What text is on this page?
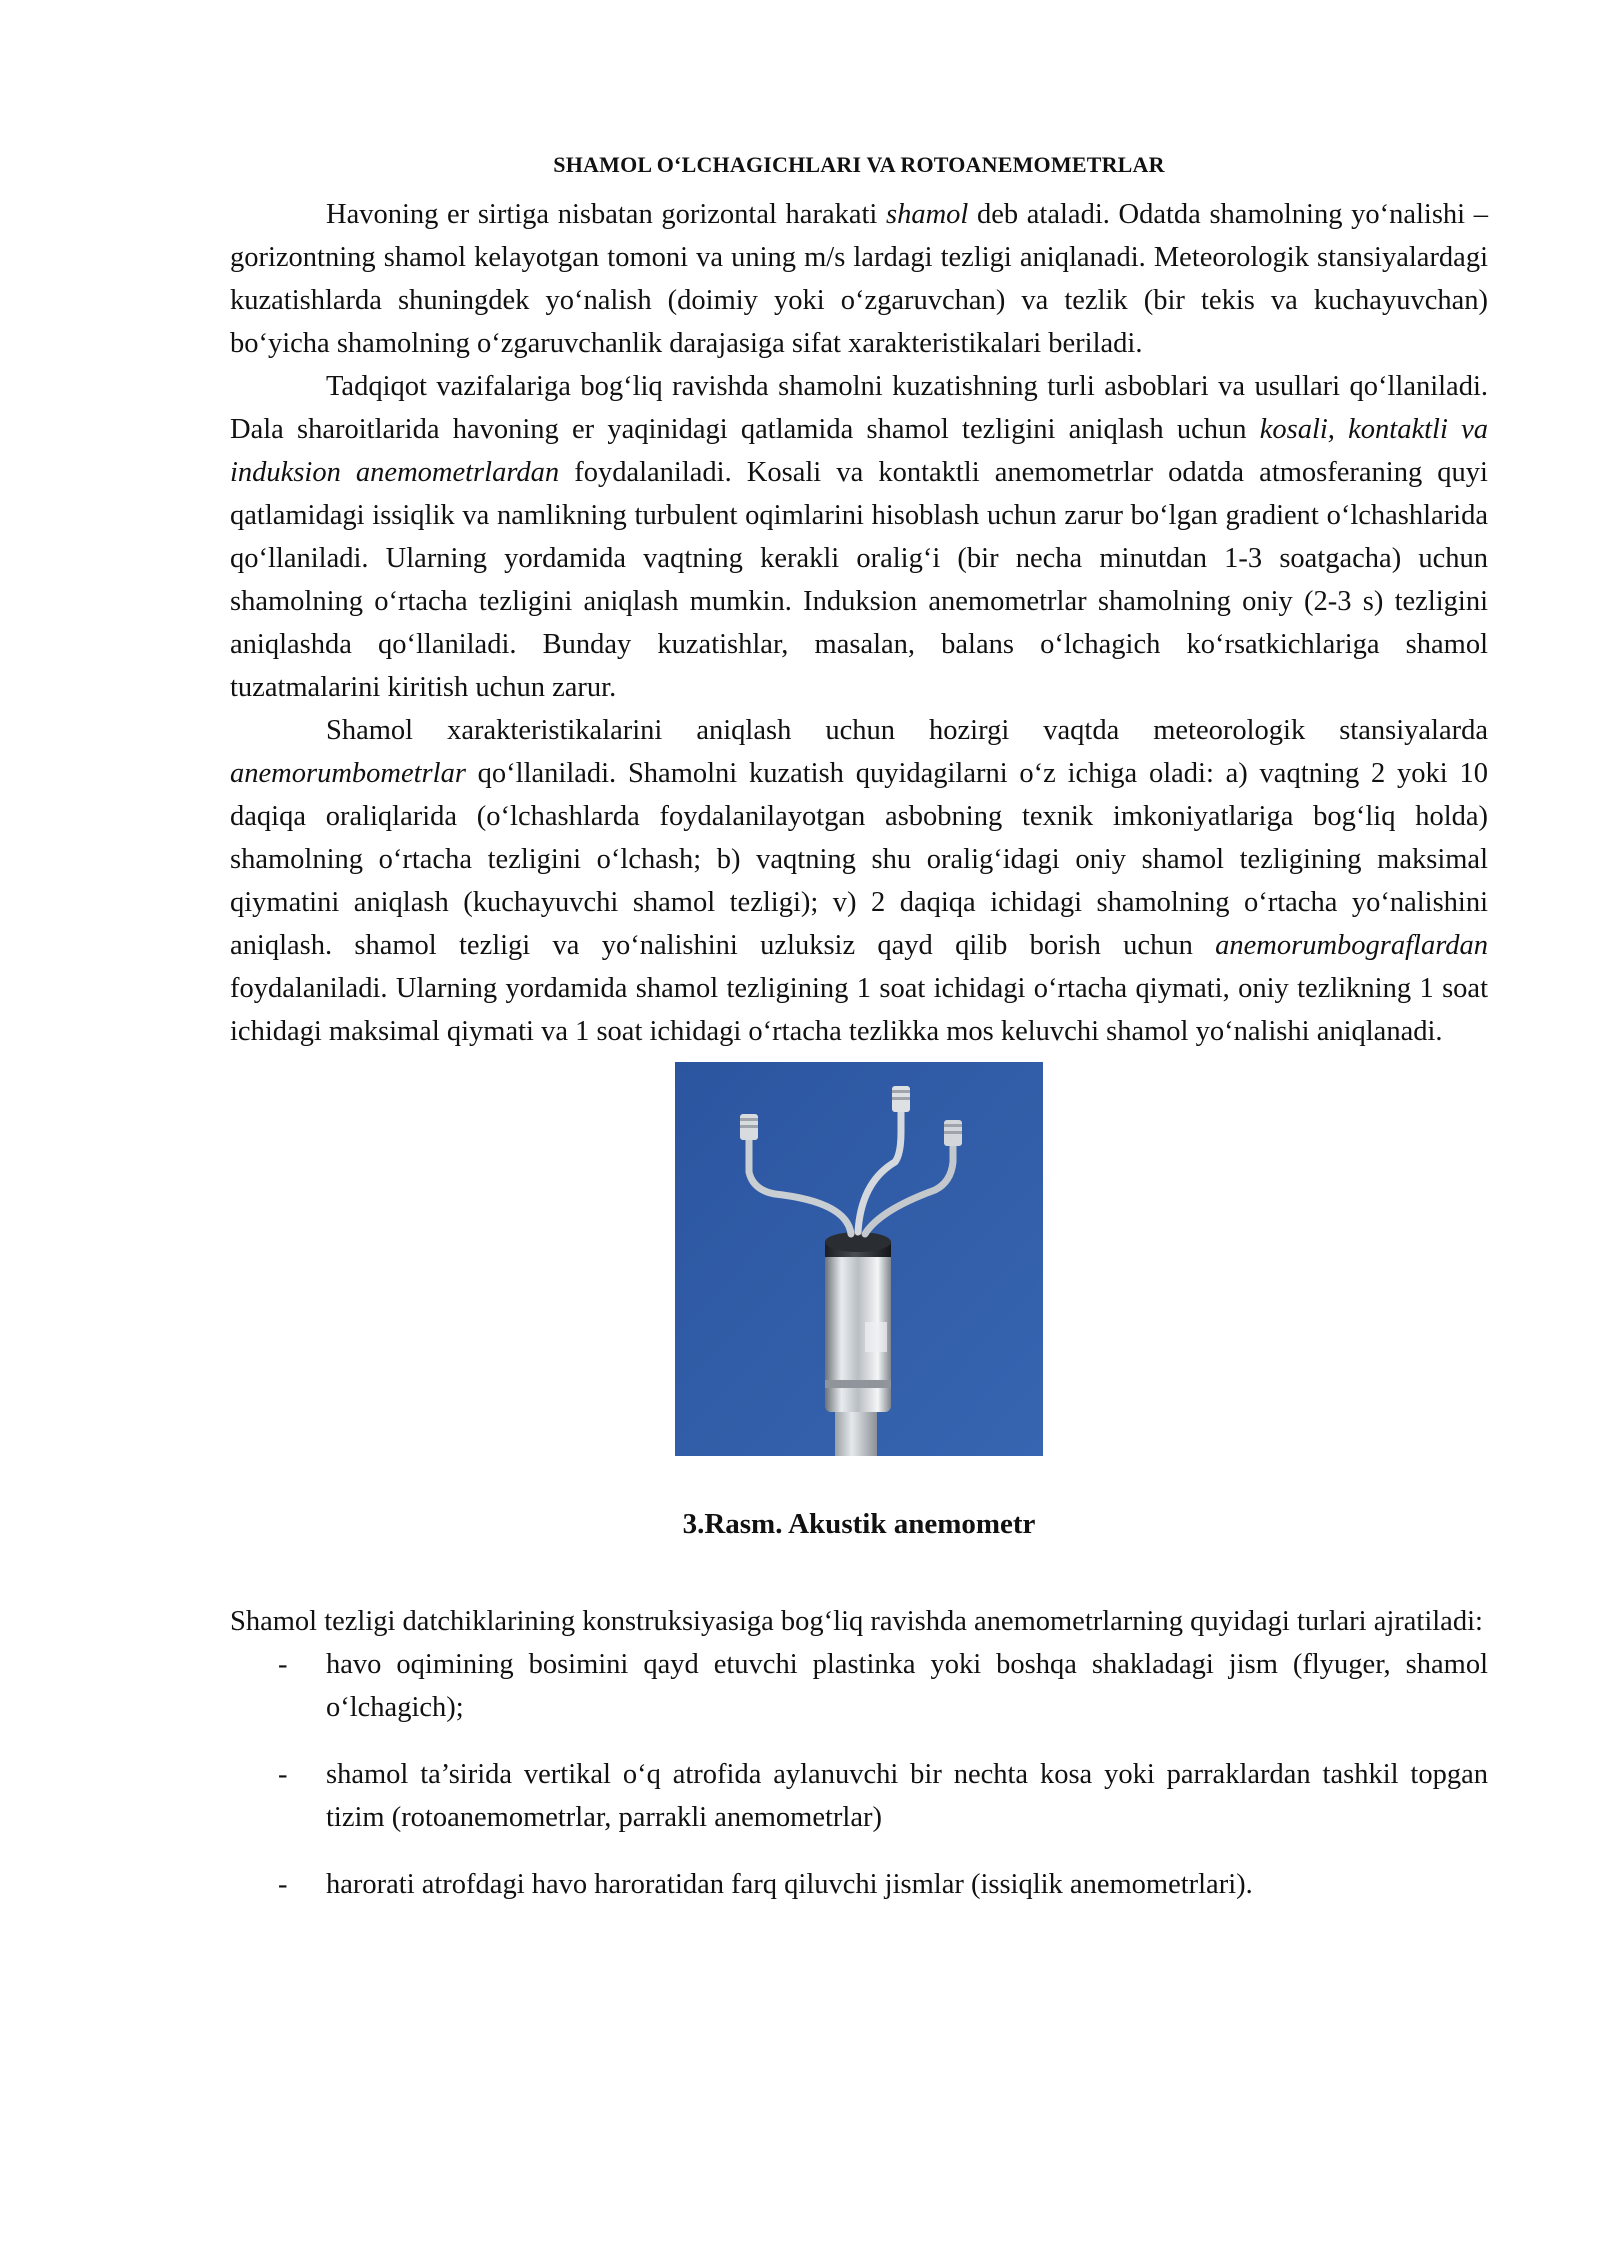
SHAMOL O‘LCHAGICHLARI VA ROTOANEMOMETRLAR

Havoning er sirtiga nisbatan gorizontal harakati shamol deb ataladi. Odatda shamolning yo‘nalishi – gorizontning shamol kelayotgan tomoni va uning m/s lardagi tezligi aniqlanadi. Meteorologik stansiyalardagi kuzatishlarda shuningdek yo‘nalish (doimiy yoki o‘zgaruvchan) va tezlik (bir tekis va kuchayuvchan) bo‘yicha shamolning o‘zgaruvchanlik darajasiga sifat xarakteristikalari beriladi.

Tadqiqot vazifalariga bog‘liq ravishda shamolni kuzatishning turli asboblari va usullari qo‘llaniladi. Dala sharoitlarida havoning er yaqinidagi qatlamida shamol tezligini aniqlash uchun kosali, kontaktli va induksion anemometrlardan foydalaniladi. Kosali va kontaktli anemometrlar odatda atmosferaning quyi qatlamidagi issiqlik va namlikning turbulent oqimlarini hisoblash uchun zarur bo‘lgan gradient o‘lchashlarida qo‘llaniladi. Ularning yordamida vaqtning kerakli oralig‘i (bir necha minutdan 1-3 soatgacha) uchun shamolning o‘rtacha tezligini aniqlash mumkin. Induksion anemometrlar shamolning oniy (2-3 s) tezligini aniqlashda qo‘llaniladi. Bunday kuzatishlar, masalan, balans o‘lchagich ko‘rsatkichlariga shamol tuzatmalarini kiritish uchun zarur.

Shamol xarakteristikalarini aniqlash uchun hozirgi vaqtda meteorologik stansiyalarda anemorumbometrlar qo‘llaniladi. Shamolni kuzatish quyidagilarni o‘z ichiga oladi: a) vaqtning 2 yoki 10 daqiqa oraliqlarida (o‘lchashlarda foydalanilayotgan asbobning texnik imkoniyatlariga bog‘liq holda) shamolning o‘rtacha tezligini o‘lchash; b) vaqtning shu oralig‘idagi oniy shamol tezligining maksimal qiymatini aniqlash (kuchayuvchi shamol tezligi); v) 2 daqiqa ichidagi shamolning o‘rtacha yo‘nalishini aniqlash. shamol tezligi va yo‘nalishini uzluksiz qayd qilib borish uchun anemorumbograflardan foydalaniladi. Ularning yordamida shamol tezligining 1 soat ichidagi o‘rtacha qiymati, oniy tezlikning 1 soat ichidagi maksimal qiymati va 1 soat ichidagi o‘rtacha tezlikka mos keluvchi shamol yo‘nalishi aniqlanadi.

3.Rasm. Akustik anemometr

Shamol tezligi datchiklarining konstruksiyasiga bog‘liq ravishda anemometrlarning quyidagi turlari ajratiladi:

- havo oqimining bosimini qayd etuvchi plastinka yoki boshqa shakladagi jism (flyuger, shamol o‘lchagich);
- shamol ta’sirida vertikal o‘q atrofida aylanuvchi bir nechta kosa yoki parraklardan tashkil topgan tizim (rotoanemometrlar, parrakli anemometrlar)
- harorati atrofdagi havo haroratidan farq qiluvchi jismlar (issiqlik anemometrlari).
